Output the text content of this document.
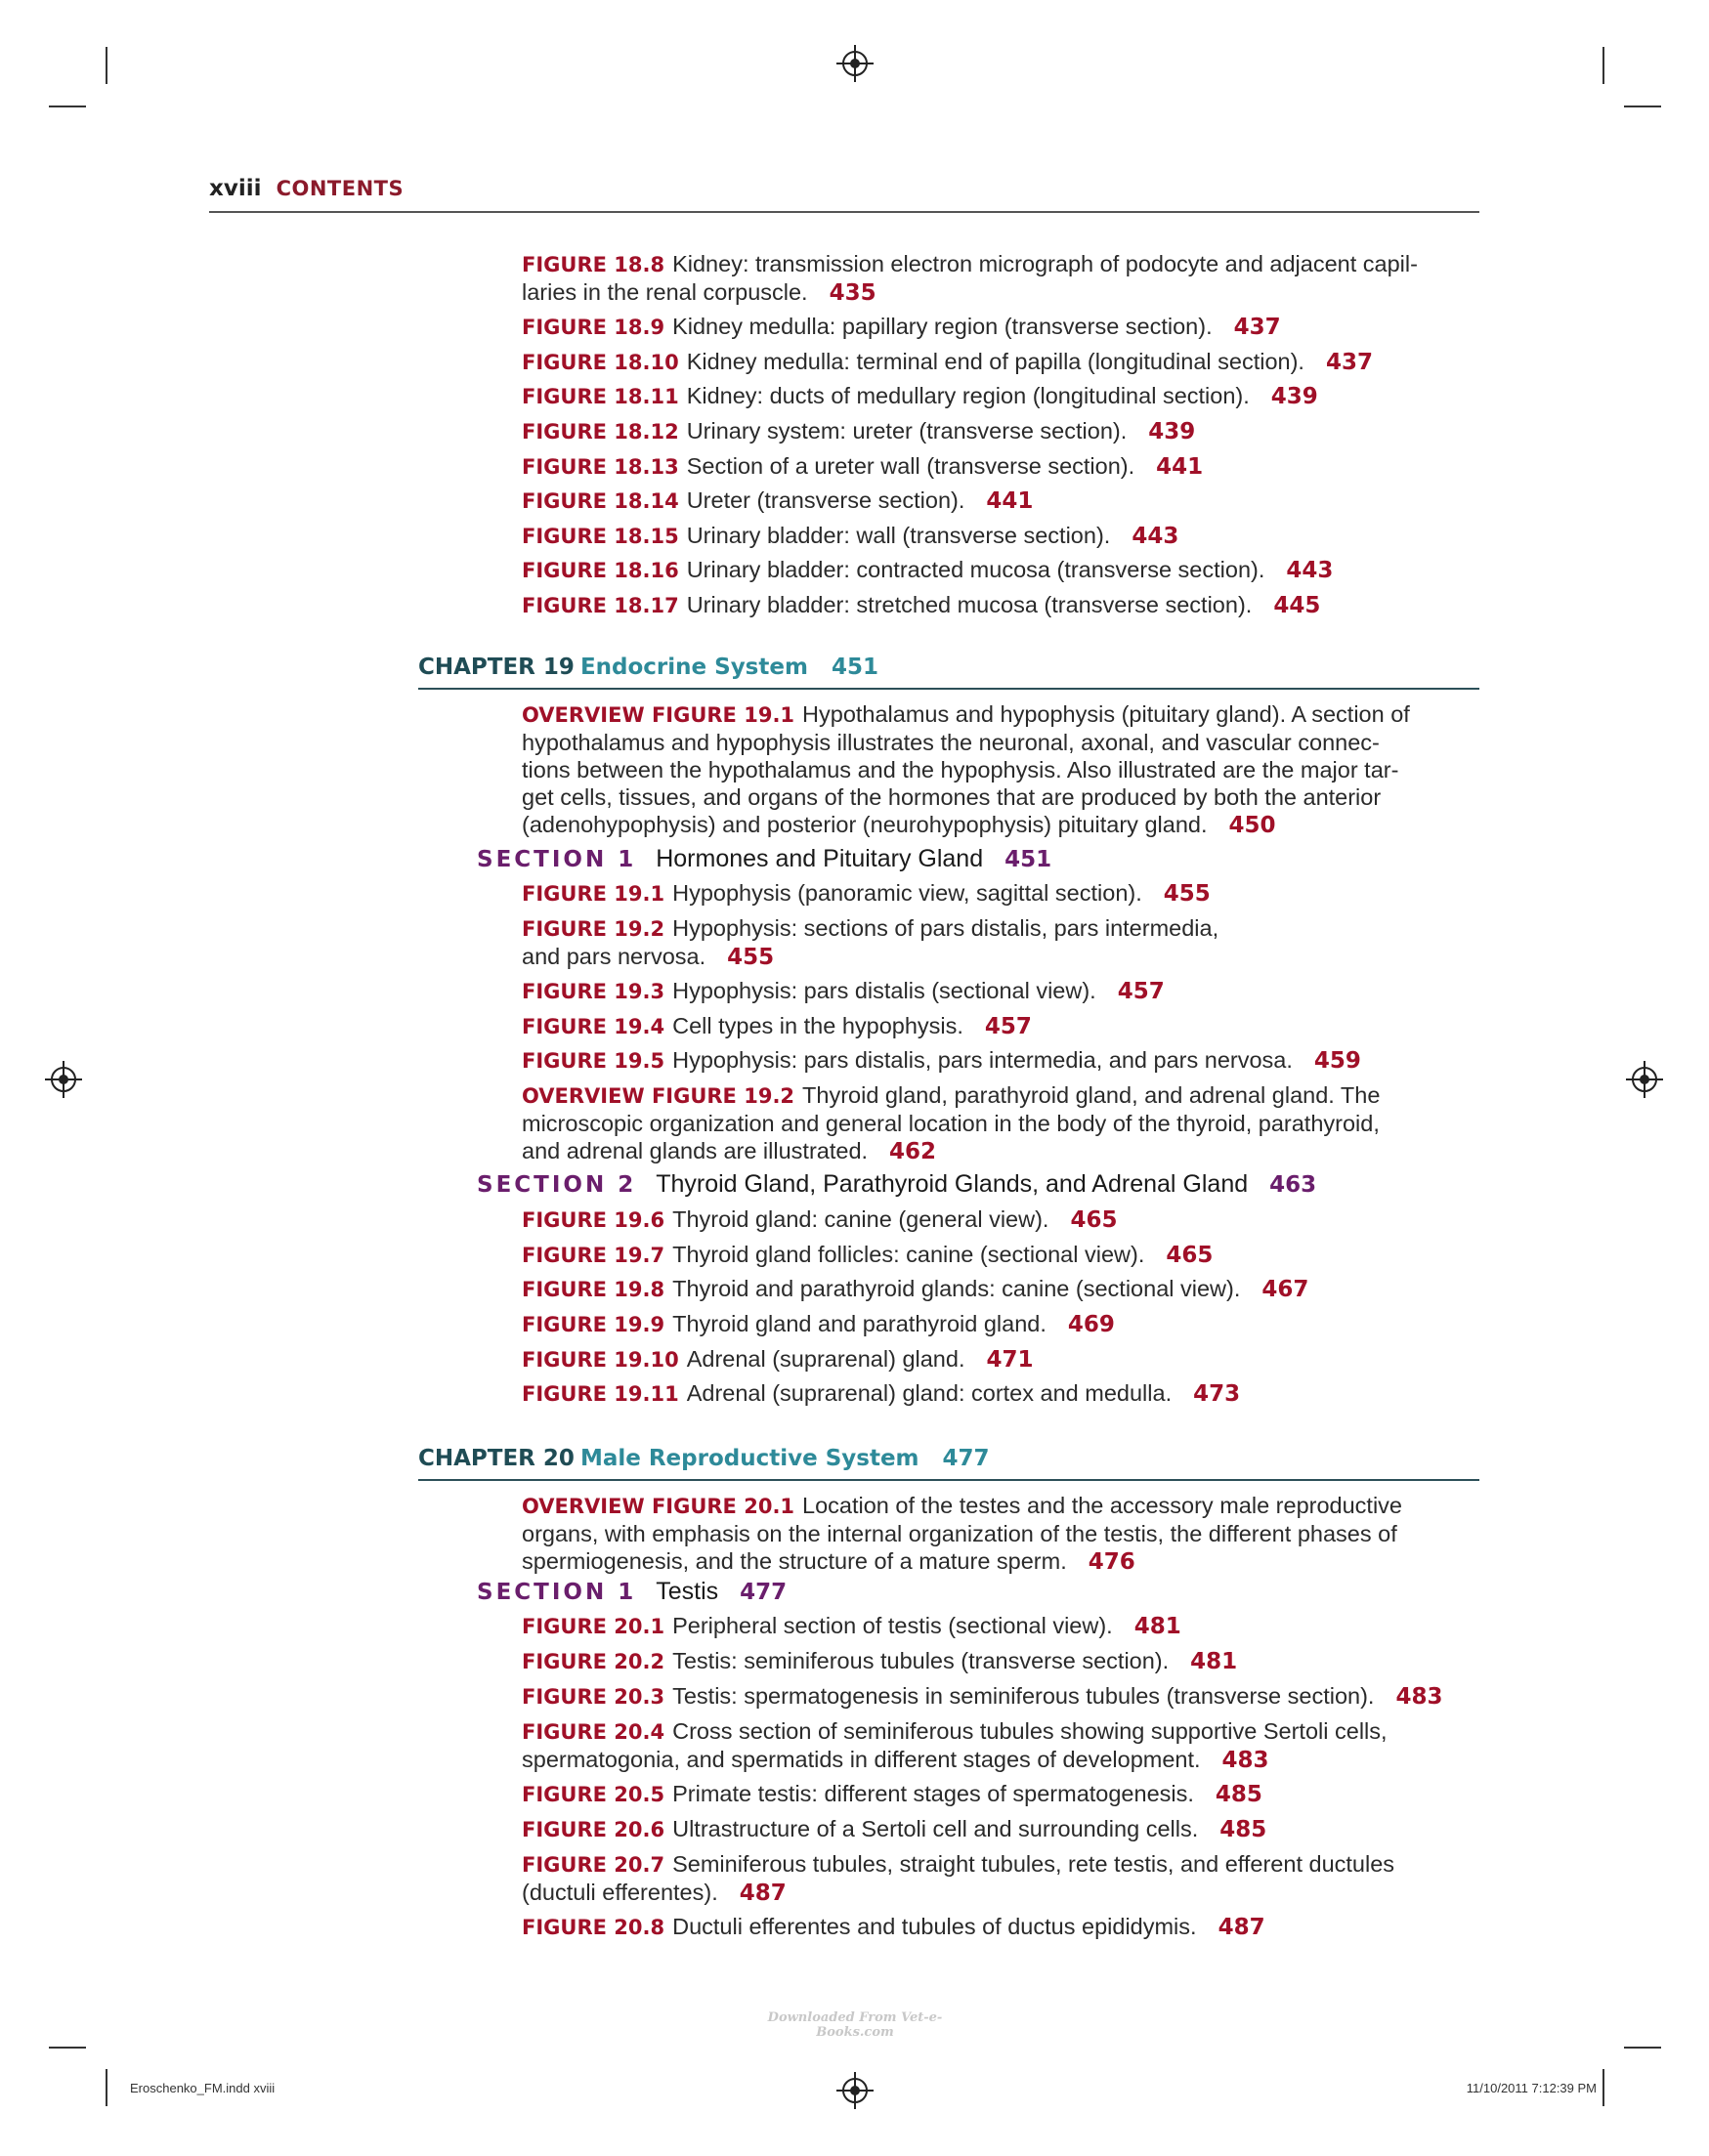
xviii CONTENTS
FIGURE 18.8 Kidney: transmission electron micrograph of podocyte and adjacent capil-
laries in the renal corpuscle. 435
FIGURE 18.9 Kidney medulla: papillary region (transverse section). 437
FIGURE 18.10 Kidney medulla: terminal end of papilla (longitudinal section). 437
FIGURE 18.11 Kidney: ducts of medullary region (longitudinal section). 439
FIGURE 18.12 Urinary system: ureter (transverse section). 439
FIGURE 18.13 Section of a ureter wall (transverse section). 441
FIGURE 18.14 Ureter (transverse section). 441
FIGURE 18.15 Urinary bladder: wall (transverse section). 443
FIGURE 18.16 Urinary bladder: contracted mucosa (transverse section). 443
FIGURE 18.17 Urinary bladder: stretched mucosa (transverse section). 445
CHAPTER 19 Endocrine System 451
OVERVIEW FIGURE 19.1 Hypothalamus and hypophysis (pituitary gland). A section of
hypothalamus and hypophysis illustrates the neuronal, axonal, and vascular connec-
tions between the hypothalamus and the hypophysis. Also illustrated are the major tar-
get cells, tissues, and organs of the hormones that are produced by both the anterior
(adenohypophysis) and posterior (neurohypophysis) pituitary gland. 450
SECTION 1 Hormones and Pituitary Gland 451
FIGURE 19.1 Hypophysis (panoramic view, sagittal section). 455
FIGURE 19.2 Hypophysis: sections of pars distalis, pars intermedia,
and pars nervosa. 455
FIGURE 19.3 Hypophysis: pars distalis (sectional view). 457
FIGURE 19.4 Cell types in the hypophysis. 457
FIGURE 19.5 Hypophysis: pars distalis, pars intermedia, and pars nervosa. 459
OVERVIEW FIGURE 19.2 Thyroid gland, parathyroid gland, and adrenal gland. The
microscopic organization and general location in the body of the thyroid, parathyroid,
and adrenal glands are illustrated. 462
SECTION 2 Thyroid Gland, Parathyroid Glands, and Adrenal Gland 463
FIGURE 19.6 Thyroid gland: canine (general view). 465
FIGURE 19.7 Thyroid gland follicles: canine (sectional view). 465
FIGURE 19.8 Thyroid and parathyroid glands: canine (sectional view). 467
FIGURE 19.9 Thyroid gland and parathyroid gland. 469
FIGURE 19.10 Adrenal (suprarenal) gland. 471
FIGURE 19.11 Adrenal (suprarenal) gland: cortex and medulla. 473
CHAPTER 20 Male Reproductive System 477
OVERVIEW FIGURE 20.1 Location of the testes and the accessory male reproductive
organs, with emphasis on the internal organization of the testis, the different phases of
spermiogenesis, and the structure of a mature sperm. 476
SECTION 1 Testis 477
FIGURE 20.1 Peripheral section of testis (sectional view). 481
FIGURE 20.2 Testis: seminiferous tubules (transverse section). 481
FIGURE 20.3 Testis: spermatogenesis in seminiferous tubules (transverse section). 483
FIGURE 20.4 Cross section of seminiferous tubules showing supportive Sertoli cells,
spermatogonia, and spermatids in different stages of development. 483
FIGURE 20.5 Primate testis: different stages of spermatogenesis. 485
FIGURE 20.6 Ultrastructure of a Sertoli cell and surrounding cells. 485
FIGURE 20.7 Seminiferous tubules, straight tubules, rete testis, and efferent ductules
(ductuli efferentes). 487
FIGURE 20.8 Ductuli efferentes and tubules of ductus epididymis. 487
Downloaded From Vet-e-Books.com
Eroschenko_FM.indd xviii	11/10/2011 7:12:39 PM
